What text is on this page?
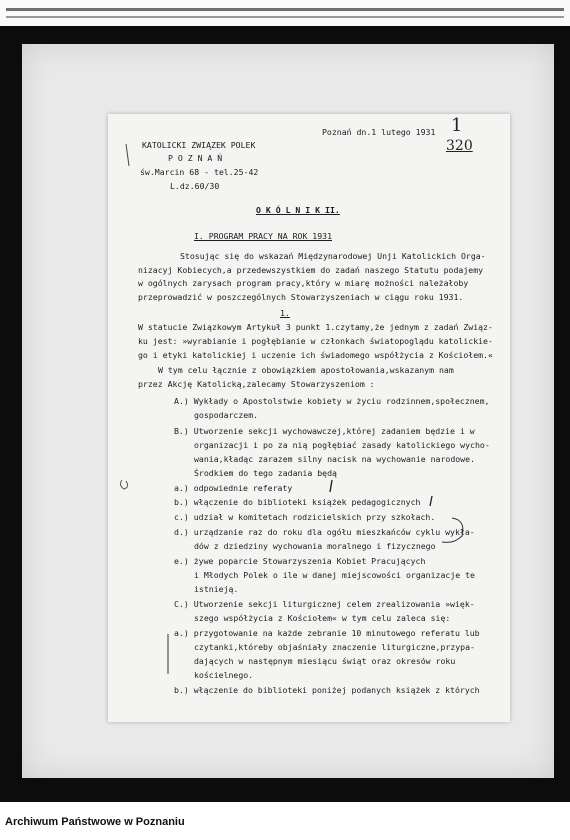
Poznań dn.1 lutego 1931 1
320
KATOLICKI ZWIĄZEK POLEK
P O Z N A Ń
św.Marcin 68 - tel.25-42
L.dz.60/30
O K Ó L N I K II.
I. PROGRAM PRACY NA ROK 1931
Stosując się do wskazań Międzynarodowej Unji Katolickich Orga-
nizacyj Kobiecych,a przedewszystkiem do zadań naszego Statutu podajemy
w ogólnych zarysach program pracy,który w miarę możności należałoby
przeprowadzić w poszczególnych Stowarzyszeniach w ciągu roku 1931.
1.
W statucie Związkowym Artykuł 3 punkt 1.czytamy,że jednym z zadań Związ-
ku jest: »wyrabianie i pogłębianie w członkach światopoglądu katolickie-
go i etyki katolickiej i uczenie ich świadomego współżycia z Kościołem.«
W tym celu łącznie z obowiązkiem apostołowania,wskazanym nam
przez Akcję Katolicką,zalecamy Stowarzyszeniom :
A.) Wykłady o Apostolstwie kobiety w życiu rodzinnem,społecznem,
gospodarczem.
B.) Utworzenie sekcji wychowawczej,której zadaniem będzie i w
organizacji i po za nią pogłębiać zasady katolickiego wycho-
wania,kładąc zarazem silny nacisk na wychowanie narodowe.
Środkiem do tego zadania będą
a.) odpowiednie referaty
b.) włączenie do biblioteki książek pedagogicznych
c.) udział w komitetach rodzicielskich przy szkołach.
d.) urządzanie raz do roku dla ogółu mieszkańców cyklu wykła-
dów z dziedziny wychowania moralnego i fizycznego
e.) żywe poparcie Stowarzyszenia Kobiet Pracujących
i Młodych Polek o ile w danej miejscowości organizacje te
istnieją.
C.) Utworzenie sekcji liturgicznej celem zrealizowania »więk-
szego współżycia z Kościołem« w tym celu zaleca się:
a.) przygotowanie na każde zebranie 10 minutowego referatu lub
czytanki,któreby objaśniały znaczenie liturgiczne,przypa-
dających w następnym miesiącu świąt oraz okresów roku
kościelnego.
b.) włączenie do biblioteki poniżej podanych książek z których
Archiwum Państwowe w Poznaniu
